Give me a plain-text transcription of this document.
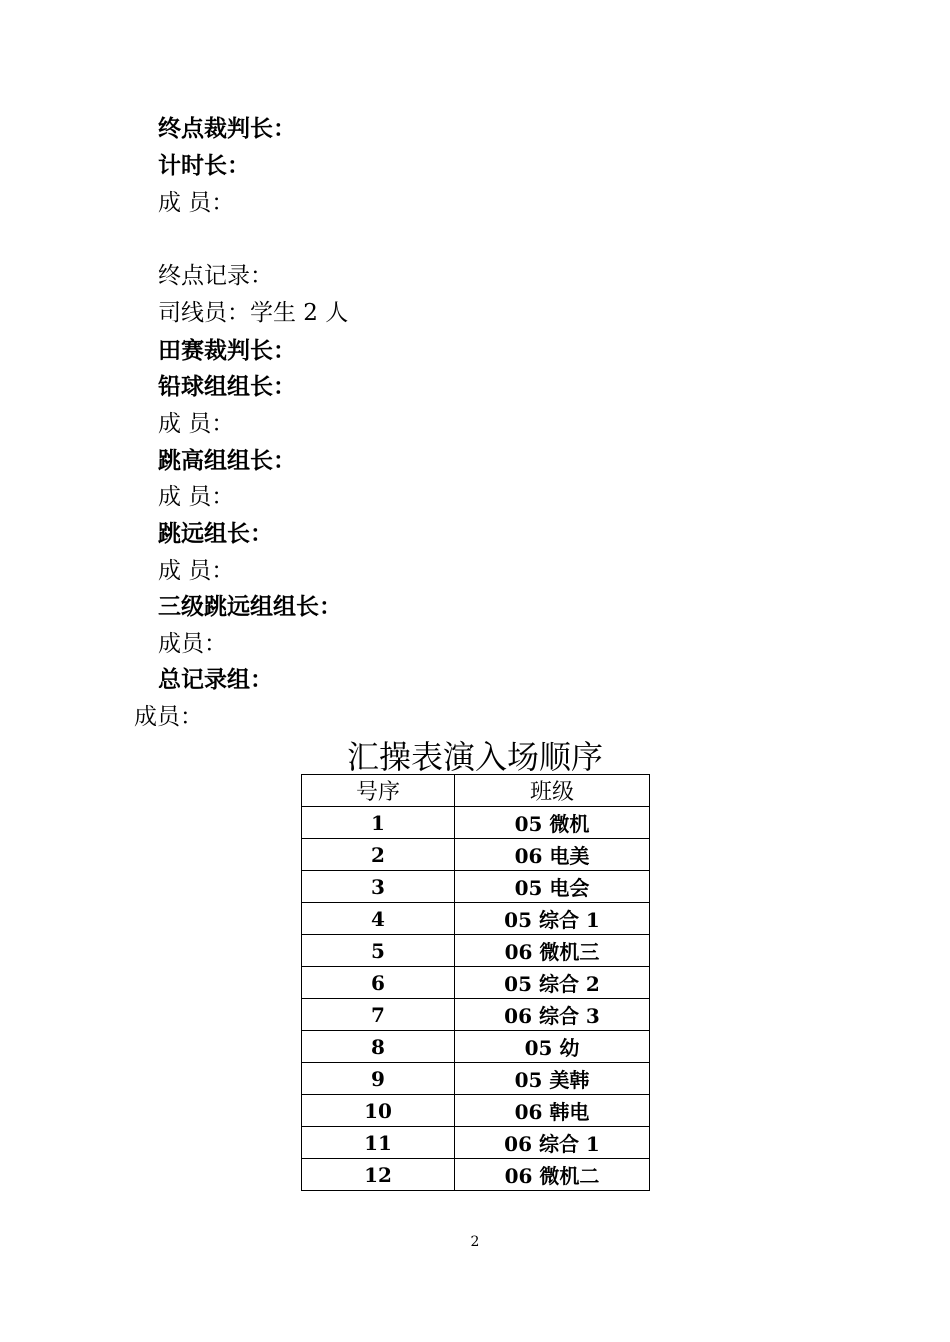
终点裁判长：
计时长：
成 员：
终点记录：
司线员：学生 2 人
田赛裁判长：
铅球组组长：
成 员：
跳高组组长：
成 员：
跳远组长：
成 员：
三级跳远组组长：
成员：
总记录组：
成员：
汇操表演入场顺序
号序	班级
1	05 微机
2	06 电美
3	05 电会
4	05 综合 1
5	06 微机三
6	05 综合 2
7	06 综合 3
8	05 幼
9	05 美韩
10	06 韩电
11	06 综合 1
12	06 微机二
2
